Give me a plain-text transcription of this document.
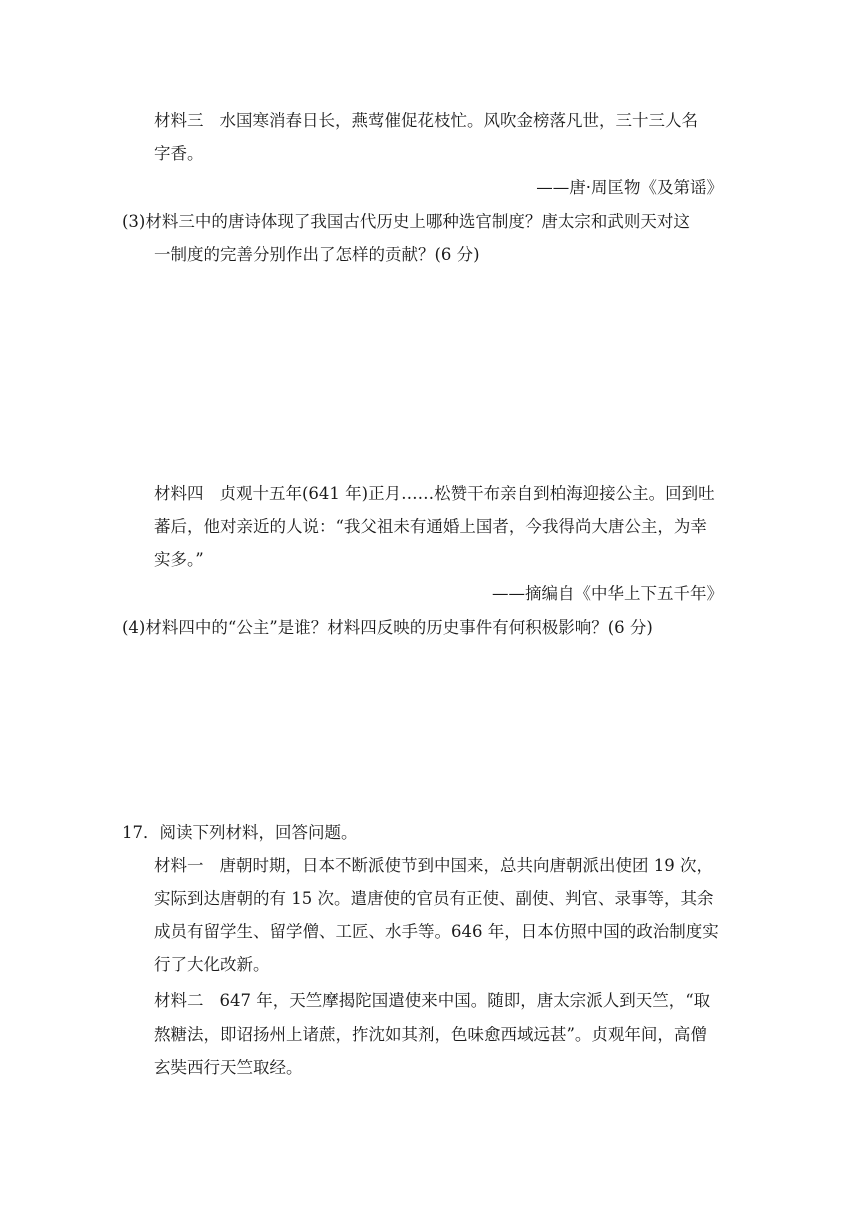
材料三 水国寒消春日长，燕莺催促花枝忙。风吹金榜落凡世，三十三人名
字香。
——唐·周匡物《及第谣》
(3)材料三中的唐诗体现了我国古代历史上哪种选官制度？唐太宗和武则天对这
一制度的完善分别作出了怎样的贡献？(6 分)
材料四 贞观十五年(641 年)正月……松赞干布亲自到柏海迎接公主。回到吐
蕃后，他对亲近的人说：“我父祖未有通婚上国者，今我得尚大唐公主，为幸
实多。”
——摘编自《中华上下五千年》
(4)材料四中的“公主”是谁？材料四反映的历史事件有何积极影响？(6 分)
17．阅读下列材料，回答问题。
材料一 唐朝时期，日本不断派使节到中国来，总共向唐朝派出使团 19 次，
实际到达唐朝的有 15 次。遣唐使的官员有正使、副使、判官、录事等，其余
成员有留学生、留学僧、工匠、水手等。646 年，日本仿照中国的政治制度实
行了大化改新。
材料二 647 年，天竺摩揭陀国遣使来中国。随即，唐太宗派人到天竺，“取
熬糖法，即诏扬州上诸蔗，拃沈如其剂，色味愈西域远甚”。贞观年间，高僧
玄奘西行天竺取经。
